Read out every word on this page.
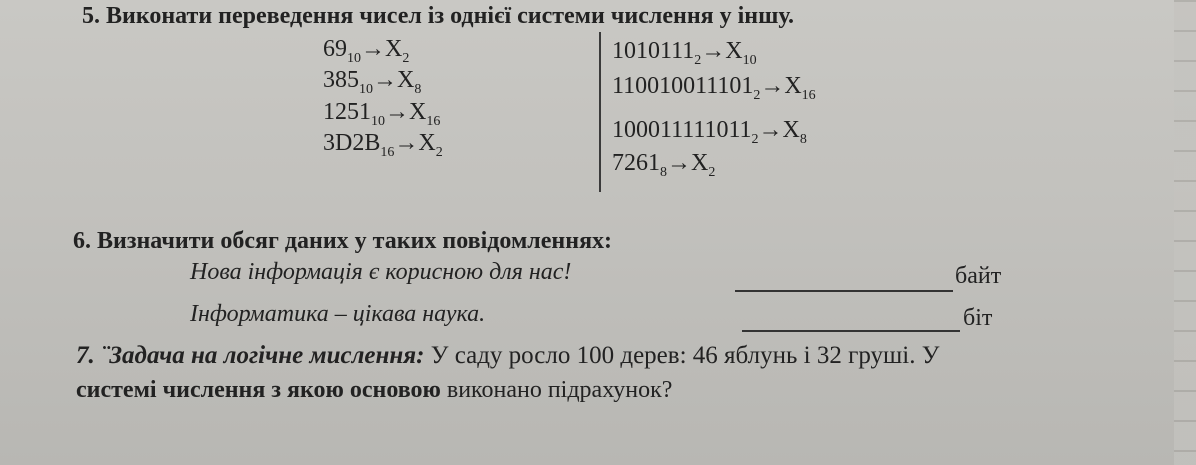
5. Виконати переведення чисел із однієї системи числення у іншу.
$69_{10}\to X_2$
$385_{10}\to X_8$
$1251_{10}\to X_{16}$
$3D2B_{16}\to X_2$
$1010111_2\to X_{10}$
$110010011101_2\to X_{16}$
$100011111011_2\to X_8$
$7261_8\to X_2$
6. Визначити обсяг даних у таких повідомленнях:
Нова інформація є корисною для нас!	байт
Інформатика – цікава наука.	біт
7. ¨Задача на логічне мислення: У саду росло 100 дерев: 46 яблунь і 32 груші. У
системі числення з якою основою виконано підрахунок?
